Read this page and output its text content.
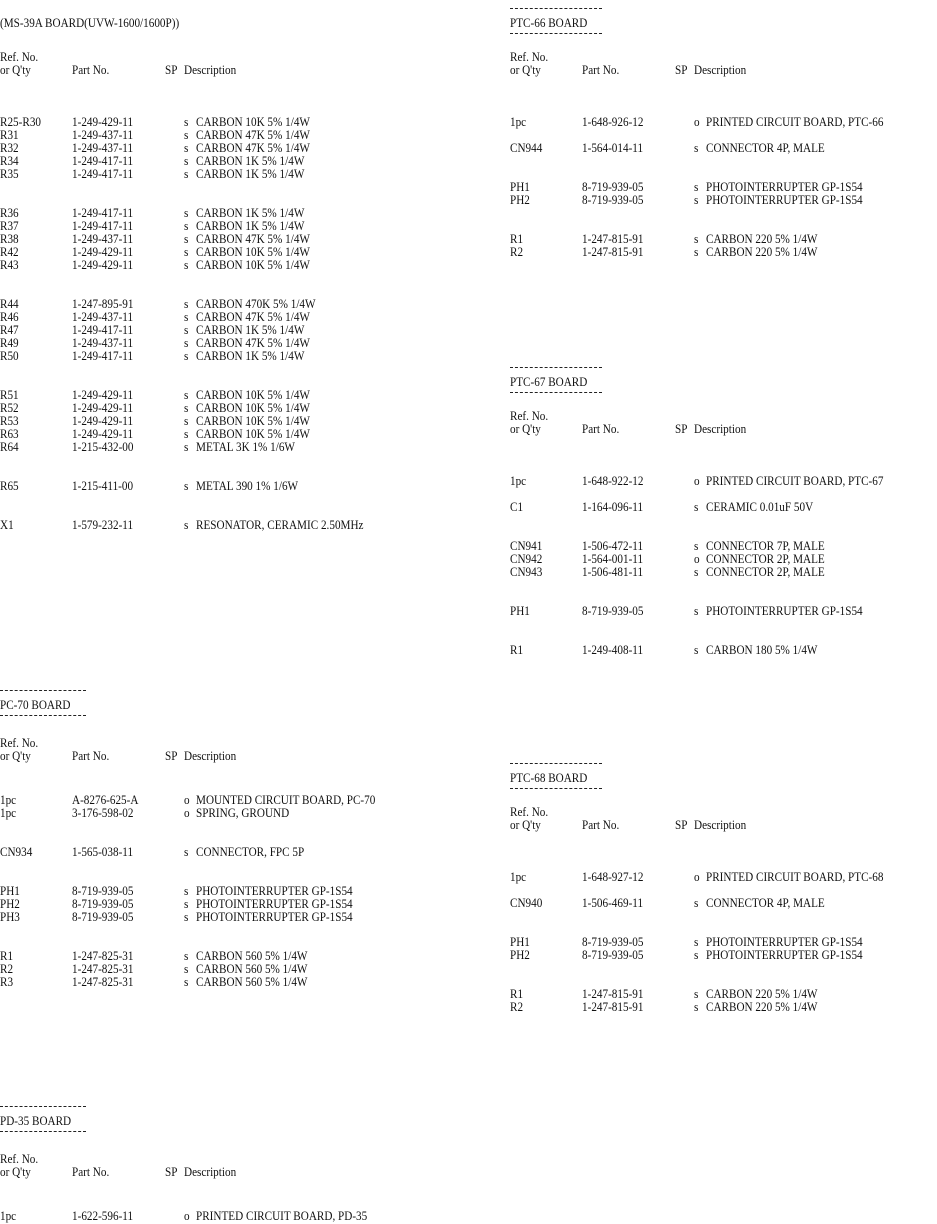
(MS-39A BOARD(UVW-1600/1600P))
Ref. No.
or Q'ty	Part No.	SP Description
R25-R30 1-249-429-11	s CARBON 10K 5% 1/4W
R31	1-249-437-11	s CARBON 47K 5% 1/4W
R32	1-249-437-11	s CARBON 47K 5% 1/4W
R34	1-249-417-11	s CARBON 1K 5% 1/4W
R35	1-249-417-11	s CARBON 1K 5% 1/4W
R36	1-249-417-11	s CARBON 1K 5% 1/4W
R37	1-249-417-11	s CARBON 1K 5% 1/4W
R38	1-249-437-11	s CARBON 47K 5% 1/4W
R42	1-249-429-11	s CARBON 10K 5% 1/4W
R43	1-249-429-11	s CARBON 10K 5% 1/4W
R44	1-247-895-91	s CARBON 470K 5% 1/4W
R46	1-249-437-11	s CARBON 47K 5% 1/4W
R47	1-249-417-11	s CARBON 1K 5% 1/4W
R49	1-249-437-11	s CARBON 47K 5% 1/4W
R50	1-249-417-11	s CARBON 1K 5% 1/4W
R51	1-249-429-11	s CARBON 10K 5% 1/4W
R52	1-249-429-11	s CARBON 10K 5% 1/4W
R53	1-249-429-11	s CARBON 10K 5% 1/4W
R63	1-249-429-11	s CARBON 10K 5% 1/4W
R64	1-215-432-00	s METAL 3K 1% 1/6W
R65	1-215-411-00	s METAL 390 1% 1/6W
X1	1-579-232-11	s RESONATOR, CERAMIC 2.50MHz
PC-70 BOARD
Ref. No.
or Q'ty	Part No.	SP Description
1pc	A-8276-625-A	o MOUNTED CIRCUIT BOARD, PC-70
1pc	3-176-598-02	o SPRING, GROUND
CN934	1-565-038-11	s CONNECTOR, FPC 5P
PH1	8-719-939-05	s PHOTOINTERRUPTER GP-1S54
PH2	8-719-939-05	s PHOTOINTERRUPTER GP-1S54
PH3	8-719-939-05	s PHOTOINTERRUPTER GP-1S54
R1	1-247-825-31	s CARBON 560 5% 1/4W
R2	1-247-825-31	s CARBON 560 5% 1/4W
R3	1-247-825-31	s CARBON 560 5% 1/4W
PD-35 BOARD
Ref. No.
or Q'ty	Part No.	SP Description
1pc	1-622-596-11	o PRINTED CIRCUIT BOARD, PD-35
PTC-66 BOARD
Ref. No.
or Q'ty	Part No.	SP Description
1pc	1-648-926-12	o PRINTED CIRCUIT BOARD, PTC-66
CN944	1-564-014-11	s CONNECTOR 4P, MALE
PH1	8-719-939-05	s PHOTOINTERRUPTER GP-1S54
PH2	8-719-939-05	s PHOTOINTERRUPTER GP-1S54
R1	1-247-815-91	s CARBON 220 5% 1/4W
R2	1-247-815-91	s CARBON 220 5% 1/4W
PTC-67 BOARD
Ref. No.
or Q'ty	Part No.	SP Description
1pc	1-648-922-12	o PRINTED CIRCUIT BOARD, PTC-67
C1	1-164-096-11	s CERAMIC 0.01uF 50V
CN941	1-506-472-11	s CONNECTOR 7P, MALE
CN942	1-564-001-11	o CONNECTOR 2P, MALE
CN943	1-506-481-11	s CONNECTOR 2P, MALE
PH1	8-719-939-05	s PHOTOINTERRUPTER GP-1S54
R1	1-249-408-11	s CARBON 180 5% 1/4W
PTC-68 BOARD
Ref. No.
or Q'ty	Part No.	SP Description
1pc	1-648-927-12	o PRINTED CIRCUIT BOARD, PTC-68
CN940	1-506-469-11	s CONNECTOR 4P, MALE
PH1	8-719-939-05	s PHOTOINTERRUPTER GP-1S54
PH2	8-719-939-05	s PHOTOINTERRUPTER GP-1S54
R1	1-247-815-91	s CARBON 220 5% 1/4W
R2	1-247-815-91	s CARBON 220 5% 1/4W
